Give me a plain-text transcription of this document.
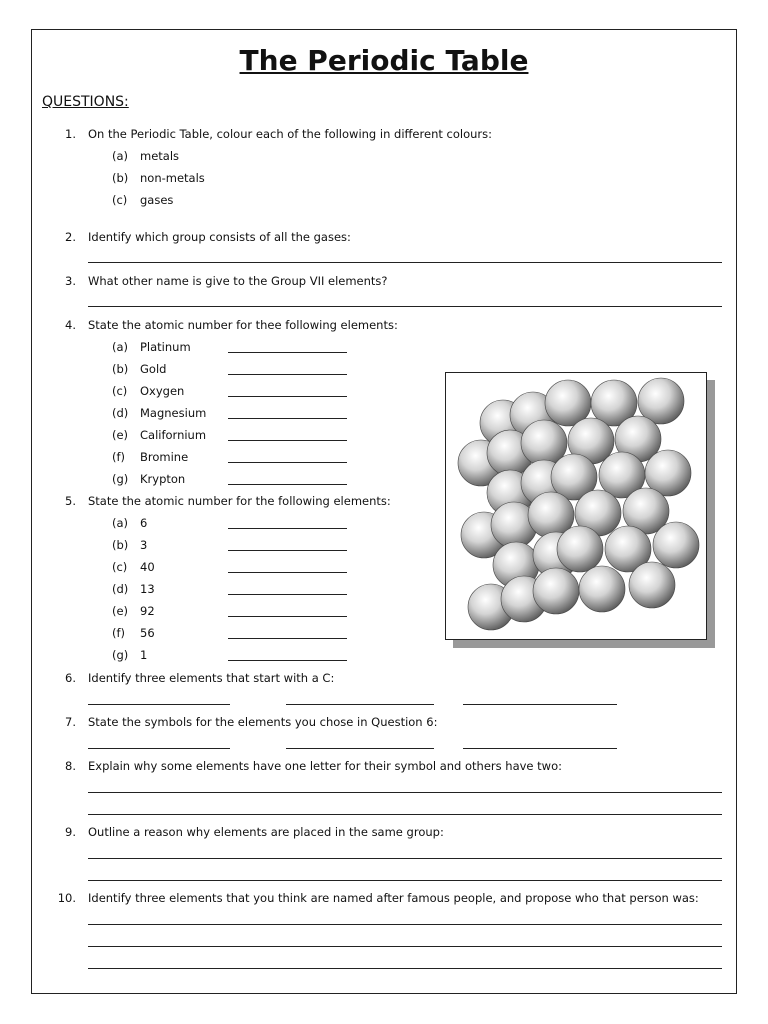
The Periodic Table
QUESTIONS:
1. On the Periodic Table, colour each of the following in different colours:
(a) metals
(b) non-metals
(c) gases
2. Identify which group consists of all the gases:
3. What other name is give to the Group VII elements?
4. State the atomic number for thee following elements:
(a) Platinum
(b) Gold
(c) Oxygen
(d) Magnesium
(e) Californium
(f) Bromine
(g) Krypton
5. State the atomic number for the following elements:
(a) 6
(b) 3
(c) 40
(d) 13
(e) 92
(f) 56
(g) 1
6. Identify three elements that start with a C:
7. State the symbols for the elements you chose in Question 6:
8. Explain why some elements have one letter for their symbol and others have two:
9. Outline a reason why elements are placed in the same group:
10. Identify three elements that you think are named after famous people, and propose who that person was:
